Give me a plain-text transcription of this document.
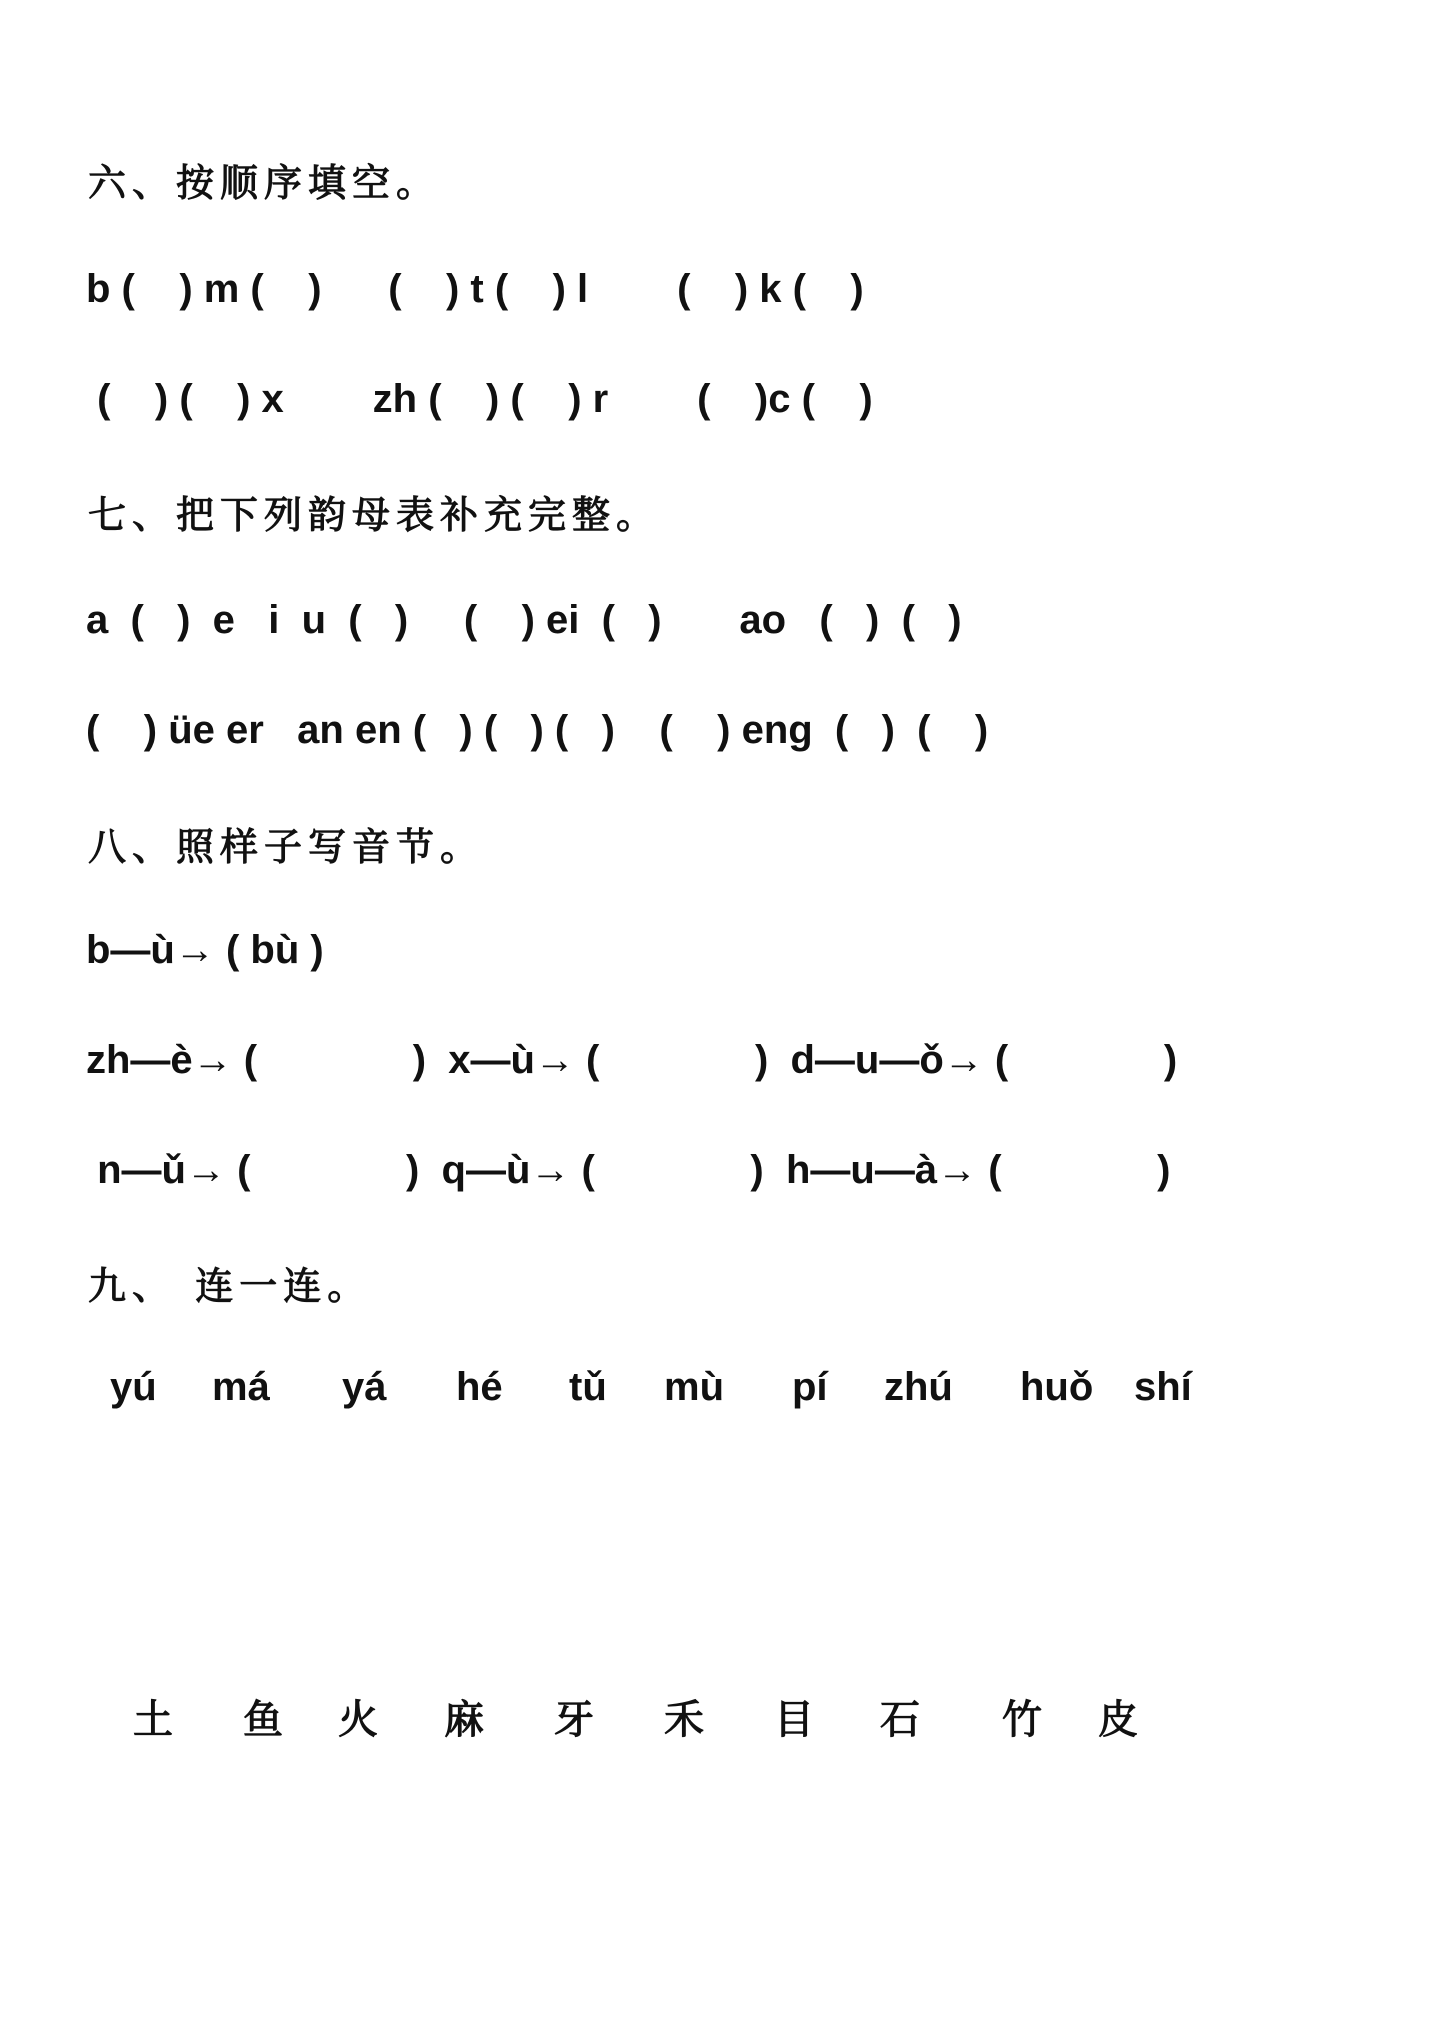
六、按顺序填空。
b (    ) m (    )      (    ) t (    ) l        (    ) k (    )
(    ) (    ) x        zh (    ) (    ) r        (    )c (    )
七、把下列韵母表补充完整。
a  (   )  e   i  u  (   )     (    ) ei  (   )       ao   (   )  (   )
(    ) üe er   an en (   ) (   ) (   )    (    ) eng  (   )  (    )
八、照样子写音节。
b—ù→ ( bù )
zh—è→ (              )  x—ù→ (              )  d—u—ǒ→ (              )
n—ǔ→ (              )  q—ù→ (              )  h—u—à→ (              )
九、 连一连。
yú má yá hé tǔ mù pí zhú huǒ shí
土 鱼 火 麻 牙 禾 目 石 竹 皮
